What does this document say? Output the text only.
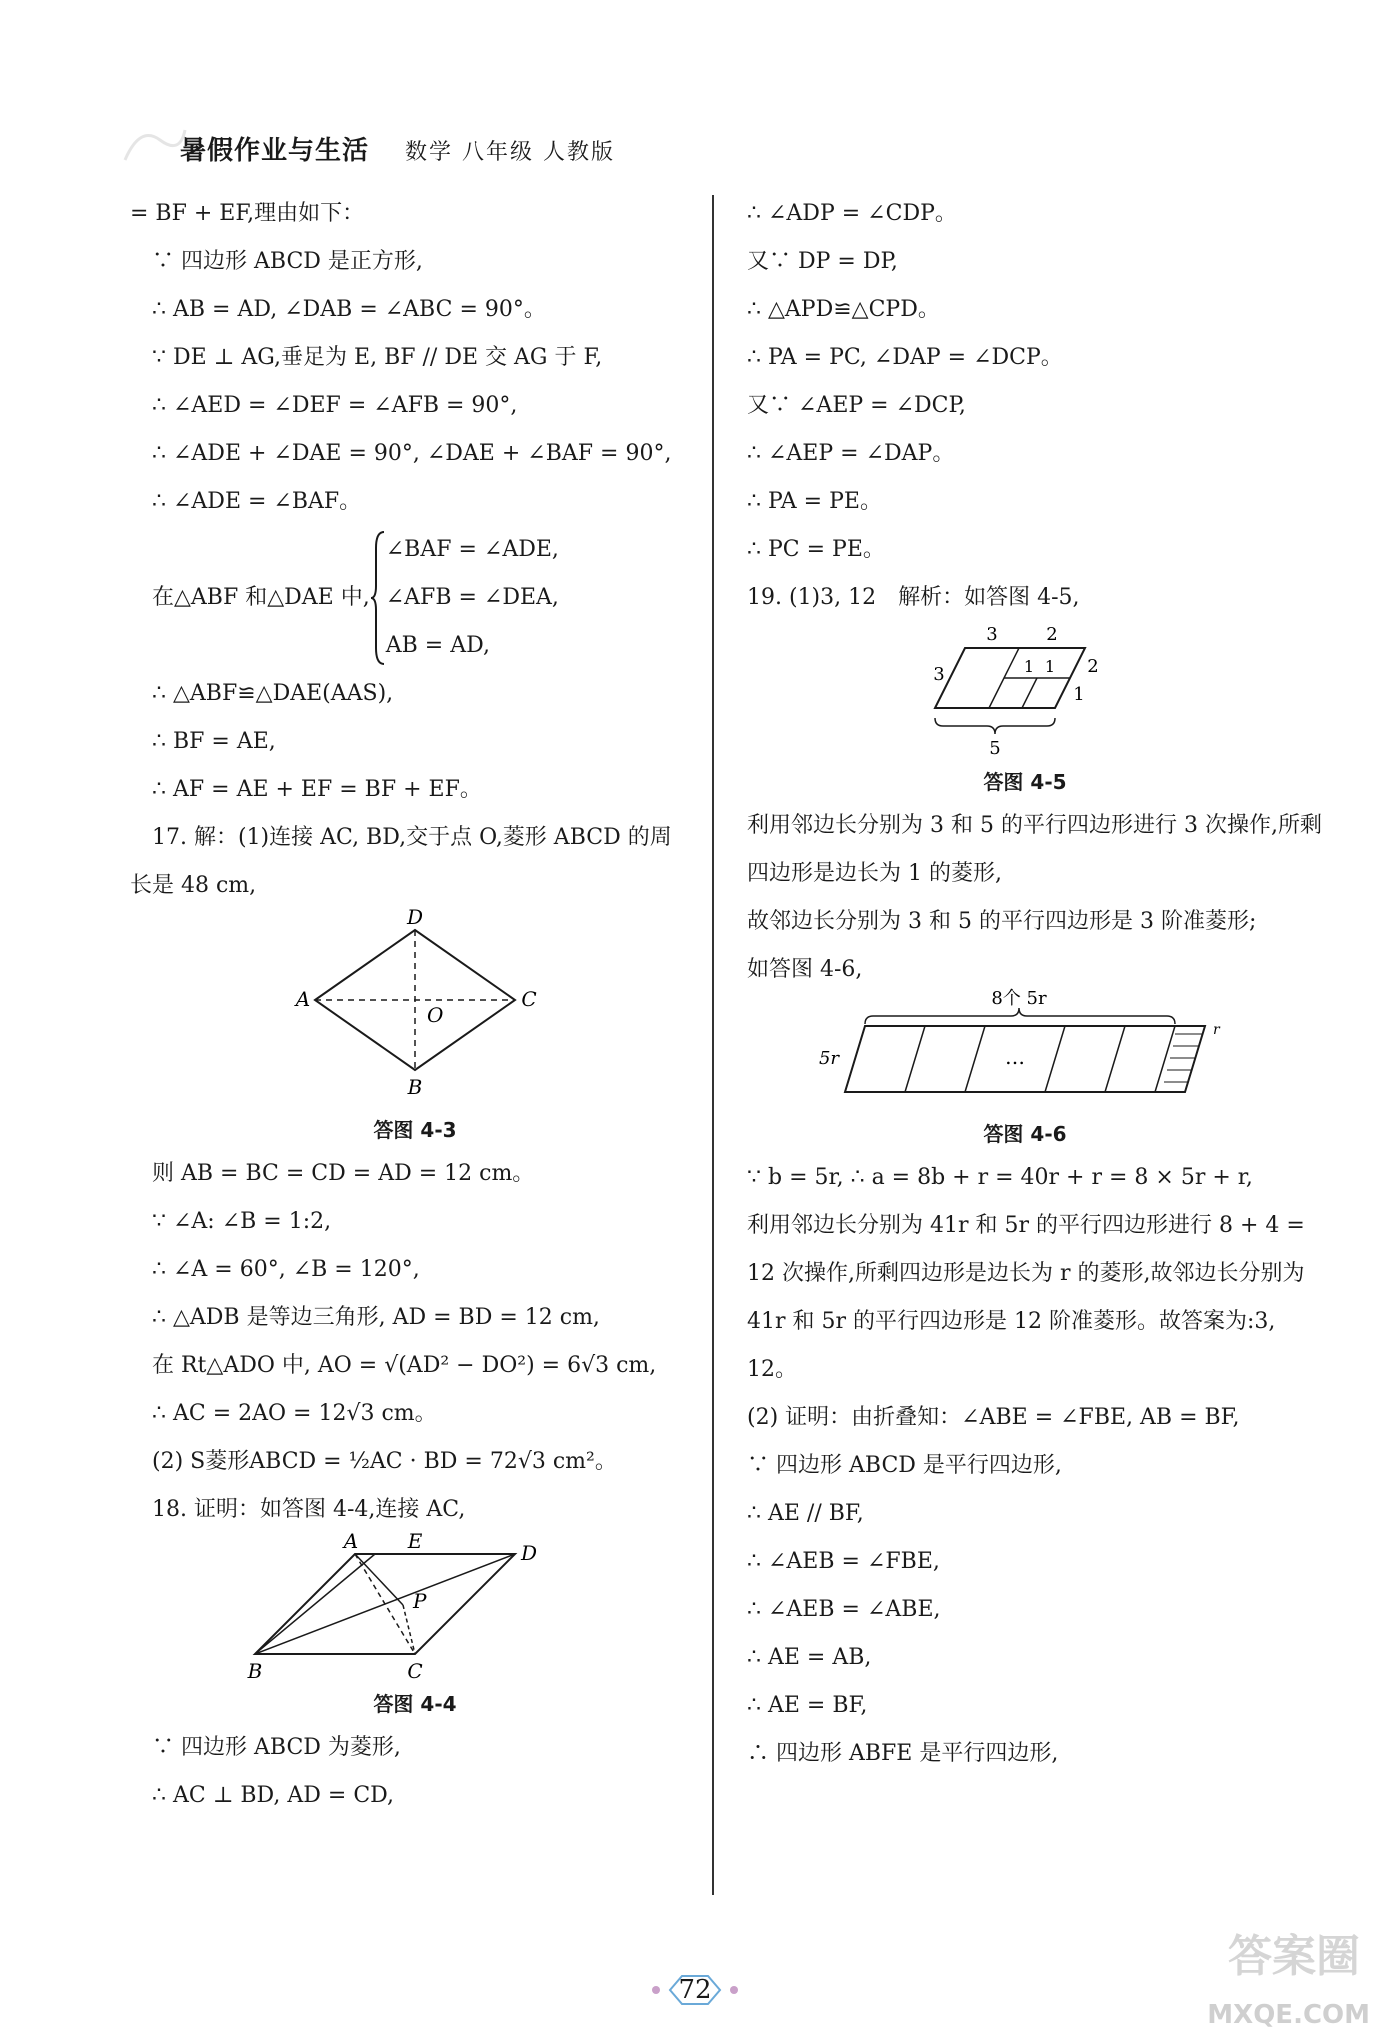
暑假作业与生活 数学 八年级 人教版
= BF + EF,理由如下：
∵ 四边形 ABCD 是正方形,
∴ AB = AD, ∠DAB = ∠ABC = 90°。
∵ DE ⊥ AG,垂足为 E, BF // DE 交 AG 于 F,
∴ ∠AED = ∠DEF = ∠AFB = 90°,
∴ ∠ADE + ∠DAE = 90°, ∠DAE + ∠BAF = 90°,
∴ ∠ADE = ∠BAF。
在△ABF 和△DAE 中,
∠BAF = ∠ADE,
∠AFB = ∠DEA,
AB = AD,
∴ △ABF≌△DAE(AAS),
∴ BF = AE,
∴ AF = AE + EF = BF + EF。
17. 解：(1)连接 AC, BD,交于点 O,菱形 ABCD 的周
长是 48 cm,
D
A	C
B
O
答图 4-3
则 AB = BC = CD = AD = 12 cm。
∵ ∠A: ∠B = 1:2,
∴ ∠A = 60°, ∠B = 120°,
∴ △ADB 是等边三角形, AD = BD = 12 cm,
在 Rt△ADO 中, AO = √(AD² − DO²) = 6√3 cm,
∴ AC = 2AO = 12√3 cm。
(2) S菱形ABCD = ½AC · BD = 72√3 cm²。
18. 证明：如答图 4-4,连接 AC,
A E	D
P
B	C
答图 4-4
∵ 四边形 ABCD 为菱形,
∴ AC ⊥ BD, AD = CD,
∴ ∠ADP = ∠CDP。
又∵ DP = DP,
∴ △APD≌△CPD。
∴ PA = PC, ∠DAP = ∠DCP。
又∵ ∠AEP = ∠DCP,
∴ ∠AEP = ∠DAP。
∴ PA = PE。
∴ PC = PE。
19. (1)3, 12　解析：如答图 4-5,
3	2
3	1 1 2
1
5
答图 4-5
利用邻边长分别为 3 和 5 的平行四边形进行 3 次操作,所剩四边形是边长为 1 的菱形,
故邻边长分别为 3 和 5 的平行四边形是 3 阶准菱形;
如答图 4-6,
8个 5r
5r	…
r
答图 4-6
∵ b = 5r, ∴ a = 8b + r = 40r + r = 8 × 5r + r,
利用邻边长分别为 41r 和 5r 的平行四边形进行 8 + 4 = 12 次操作,所剩四边形是边长为 r 的菱形,故邻边长分别为 41r 和 5r 的平行四边形是 12 阶准菱形。故答案为:3, 12。
(2) 证明：由折叠知：∠ABE = ∠FBE, AB = BF,
∵ 四边形 ABCD 是平行四边形,
∴ AE // BF,
∴ ∠AEB = ∠FBE,
∴ ∠AEB = ∠ABE,
∴ AE = AB,
∴ AE = BF,
∴ 四边形 ABFE 是平行四边形,
72
答案圈
MXQE.COM
